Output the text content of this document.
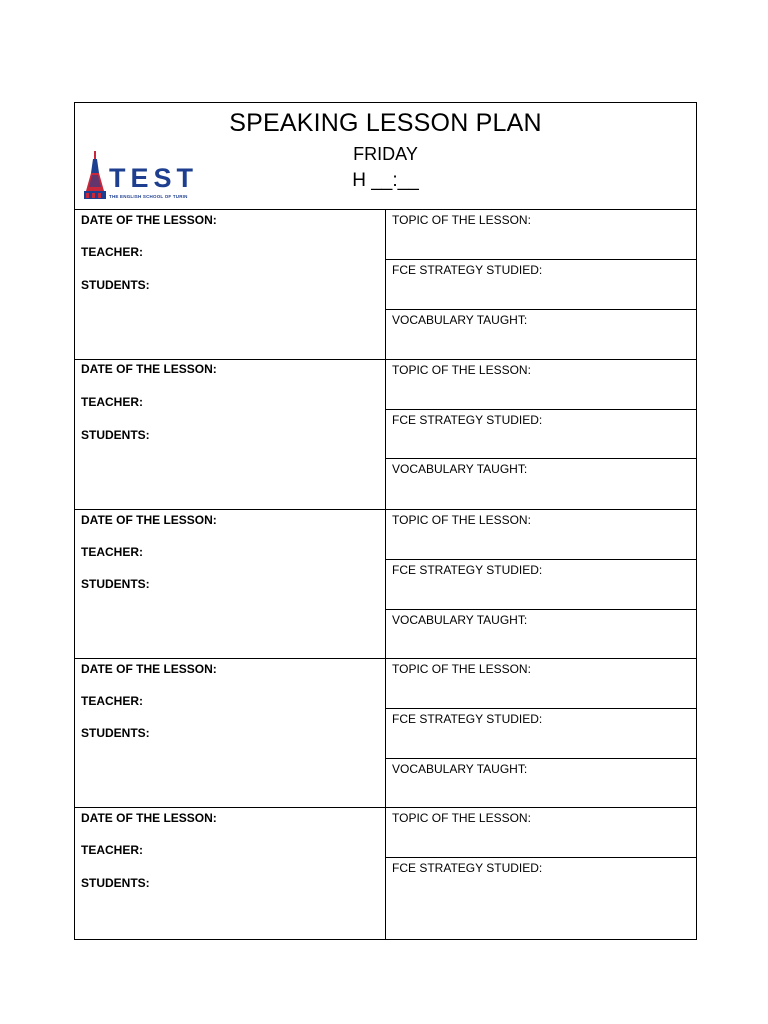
TEST
THE ENGLISH SCHOOL OF TURIN
SPEAKING LESSON PLAN
FRIDAY
H __:__
DATE OF THE LESSON:
TEACHER:
STUDENTS:
TOPIC OF THE LESSON:
FCE STRATEGY STUDIED:
VOCABULARY TAUGHT:
DATE OF THE LESSON:
TEACHER:
STUDENTS:
TOPIC OF THE LESSON:
FCE STRATEGY STUDIED:
VOCABULARY TAUGHT:
DATE OF THE LESSON:
TEACHER:
STUDENTS:
TOPIC OF THE LESSON:
FCE STRATEGY STUDIED:
VOCABULARY TAUGHT:
DATE OF THE LESSON:
TEACHER:
STUDENTS:
TOPIC OF THE LESSON:
FCE STRATEGY STUDIED:
VOCABULARY TAUGHT:
DATE OF THE LESSON:
TEACHER:
STUDENTS:
TOPIC OF THE LESSON:
FCE STRATEGY STUDIED:
